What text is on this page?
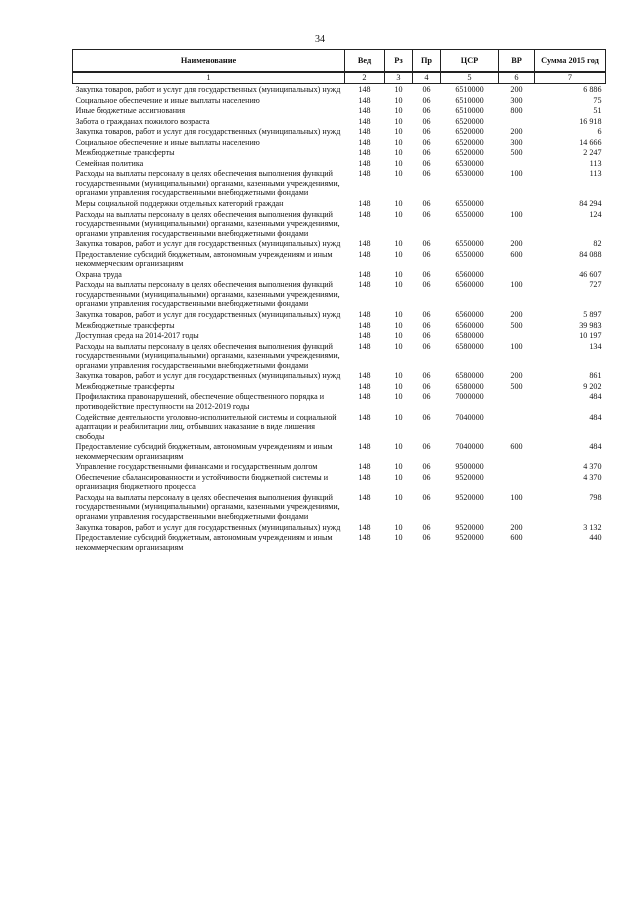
34
Наименование	Вед	Рз	Пр	ЦСР	ВР	Сумма 2015 год
1	2	3	4	5	6	7
Закупка товаров, работ и услуг для государственных (муниципальных) нужд	148	10	06	6510000	200	6 886
Социальное обеспечение и иные выплаты населению	148	10	06	6510000	300	75
Иные бюджетные ассигнования	148	10	06	6510000	800	51
Забота о гражданах пожилого возраста	148	10	06	6520000		16 918
Закупка товаров, работ и услуг для государственных (муниципальных) нужд	148	10	06	6520000	200	6
Социальное обеспечение и иные выплаты населению	148	10	06	6520000	300	14 666
Межбюджетные трансферты	148	10	06	6520000	500	2 247
Семейная политика	148	10	06	6530000		113
Расходы на выплаты персоналу в целях обеспечения выполнения функций государственными (муниципальными) органами, казенными учреждениями, органами управления государственными внебюджетными фондами	148	10	06	6530000	100	113
Меры социальной поддержки отдельных категорий граждан	148	10	06	6550000		84 294
Расходы на выплаты персоналу в целях обеспечения выполнения функций государственными (муниципальными) органами, казенными учреждениями, органами управления государственными внебюджетными фондами	148	10	06	6550000	100	124
Закупка товаров, работ и услуг для государственных (муниципальных) нужд	148	10	06	6550000	200	82
Предоставление субсидий бюджетным, автономным учреждениям и иным некоммерческим организациям	148	10	06	6550000	600	84 088
Охрана труда	148	10	06	6560000		46 607
Расходы на выплаты персоналу в целях обеспечения выполнения функций государственными (муниципальными) органами, казенными учреждениями, органами управления государственными внебюджетными фондами	148	10	06	6560000	100	727
Закупка товаров, работ и услуг для государственных (муниципальных) нужд	148	10	06	6560000	200	5 897
Межбюджетные трансферты	148	10	06	6560000	500	39 983
Доступная среда на 2014-2017 годы	148	10	06	6580000		10 197
Расходы на выплаты персоналу в целях обеспечения выполнения функций государственными (муниципальными) органами, казенными учреждениями, органами управления государственными внебюджетными фондами	148	10	06	6580000	100	134
Закупка товаров, работ и услуг для государственных (муниципальных) нужд	148	10	06	6580000	200	861
Межбюджетные трансферты	148	10	06	6580000	500	9 202
Профилактика правонарушений, обеспечение общественного порядка и противодействие преступности на 2012-2019 годы	148	10	06	7000000		484
Содействие деятельности уголовно-исполнительной системы и социальной адаптации и реабилитации лиц, отбывших наказание в виде лишения свободы	148	10	06	7040000		484
Предоставление субсидий бюджетным, автономным учреждениям и иным некоммерческим организациям	148	10	06	7040000	600	484
Управление государственными финансами и государственным долгом	148	10	06	9500000		4 370
Обеспечение сбалансированности и устойчивости бюджетной системы и организация бюджетного процесса	148	10	06	9520000		4 370
Расходы на выплаты персоналу в целях обеспечения выполнения функций государственными (муниципальными) органами, казенными учреждениями, органами управления государственными внебюджетными фондами	148	10	06	9520000	100	798
Закупка товаров, работ и услуг для государственных (муниципальных) нужд	148	10	06	9520000	200	3 132
Предоставление субсидий бюджетным, автономным учреждениям и иным некоммерческим организациям	148	10	06	9520000	600	440
